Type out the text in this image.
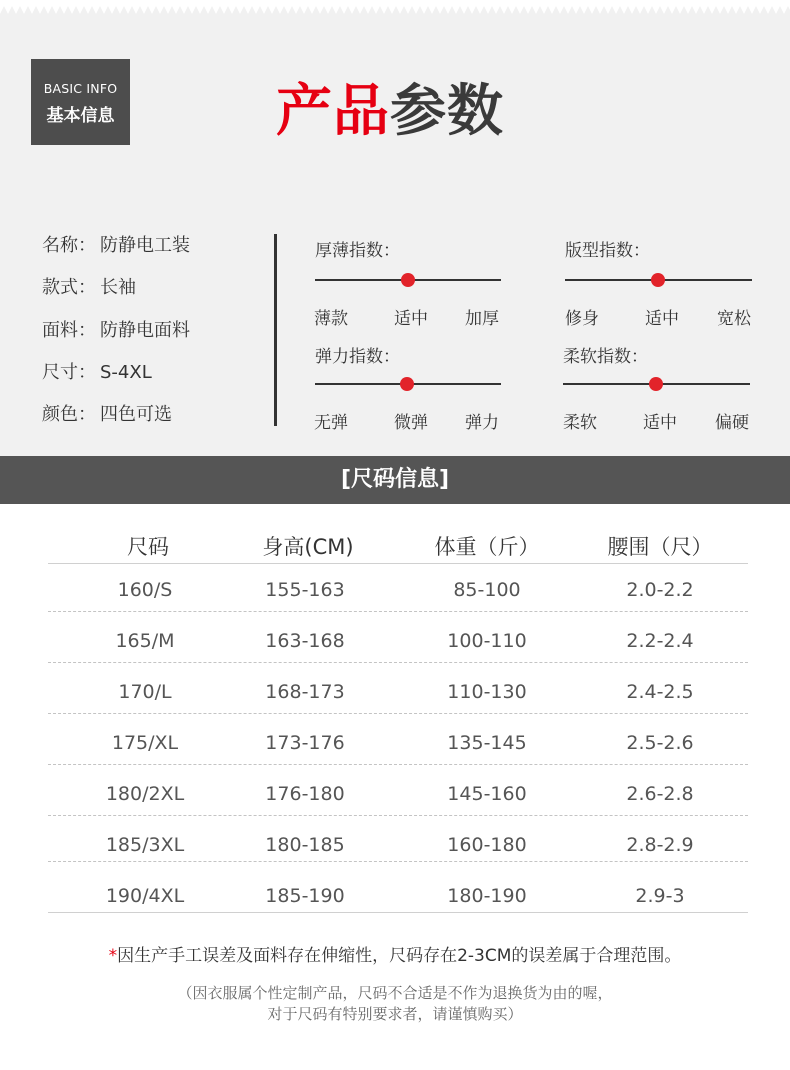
BASIC INFO
基本信息	产品参数
名称： 防静电工装
款式： 长袖
面料： 防静电面料
尺寸： S-4XL
颜色： 四色可选
厚薄指数：
薄款	适中 加厚
版型指数：
修身	适中 宽松
弹力指数：
无弹	微弹 弹力
柔软指数：
柔软	适中 偏硬
[尺码信息]
尺码	身高(CM)	体重（斤）	腰围（尺）
160/S	155-163	85-100	2.0-2.2
165/M	163-168	100-110	2.2-2.4
170/L	168-173	110-130	2.4-2.5
175/XL	173-176	135-145	2.5-2.6
180/2XL	176-180	145-160	2.6-2.8
185/3XL	180-185	160-180	2.8-2.9
190/4XL	185-190	180-190	2.9-3
*因生产手工误差及面料存在伸缩性，尺码存在2-3CM的误差属于合理范围。
（因衣服属个性定制产品，尺码不合适是不作为退换货为由的喔，
对于尺码有特别要求者，请谨慎购买）
